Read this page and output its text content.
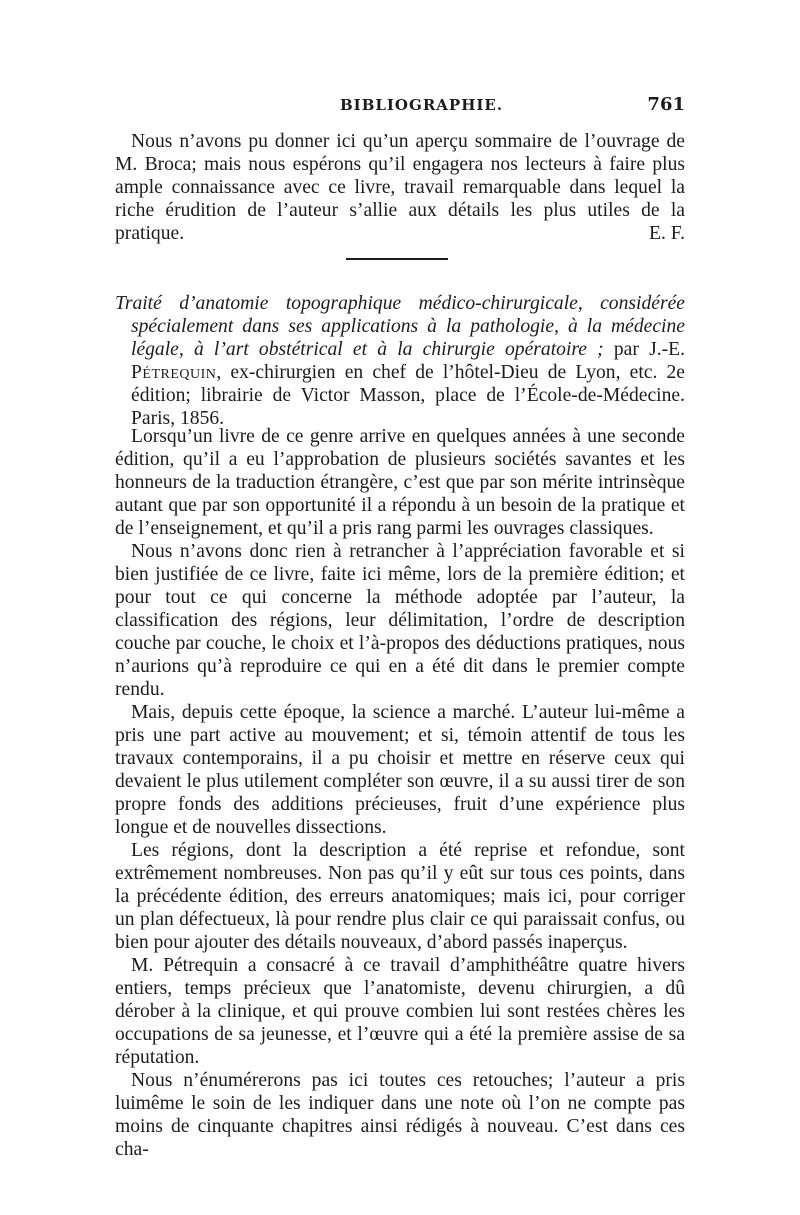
BIBLIOGRAPHIE.	761

Nous n’avons pu donner ici qu’un aperçu sommaire de l’ouvrage de M. Broca; mais nous espérons qu’il engagera nos lecteurs à faire plus ample connaissance avec ce livre, travail remarquable dans lequel la riche érudition de l’auteur s’allie aux détails les plus utiles de la pratique.	E. F.

Traité d’anatomie topographique médico-chirurgicale, considérée spécialement dans ses applications à la pathologie, à la médecine légale, à l’art obstétrical et à la chirurgie opératoire ; par J.-E. Pétrequin, ex-chirurgien en chef de l’hôtel-Dieu de Lyon, etc. 2e édition; librairie de Victor Masson, place de l’École-de-Médecine. Paris, 1856.

Lorsqu’un livre de ce genre arrive en quelques années à une seconde édition, qu’il a eu l’approbation de plusieurs sociétés savantes et les honneurs de la traduction étrangère, c’est que par son mérite intrinsèque autant que par son opportunité il a répondu à un besoin de la pratique et de l’enseignement, et qu’il a pris rang parmi les ouvrages classiques.

Nous n’avons donc rien à retrancher à l’appréciation favorable et si bien justifiée de ce livre, faite ici même, lors de la première édition; et pour tout ce qui concerne la méthode adoptée par l’auteur, la classification des régions, leur délimitation, l’ordre de description couche par couche, le choix et l’à-propos des déductions pratiques, nous n’aurions qu’à reproduire ce qui en a été dit dans le premier compte rendu.

Mais, depuis cette époque, la science a marché. L’auteur lui-même a pris une part active au mouvement; et si, témoin attentif de tous les travaux contemporains, il a pu choisir et mettre en réserve ceux qui devaient le plus utilement compléter son œuvre, il a su aussi tirer de son propre fonds des additions précieuses, fruit d’une expérience plus longue et de nouvelles dissections.

Les régions, dont la description a été reprise et refondue, sont extrêmement nombreuses. Non pas qu’il y eût sur tous ces points, dans la précédente édition, des erreurs anatomiques; mais ici, pour corriger un plan défectueux, là pour rendre plus clair ce qui paraissait confus, ou bien pour ajouter des détails nouveaux, d’abord passés inaperçus.

M. Pétrequin a consacré à ce travail d’amphithéâtre quatre hivers entiers, temps précieux que l’anatomiste, devenu chirurgien, a dû dérober à la clinique, et qui prouve combien lui sont restées chères les occupations de sa jeunesse, et l’œuvre qui a été la première assise de sa réputation.

Nous n’énumérerons pas ici toutes ces retouches; l’auteur a pris luimême le soin de les indiquer dans une note où l’on ne compte pas moins de cinquante chapitres ainsi rédigés à nouveau. C’est dans ces cha-
